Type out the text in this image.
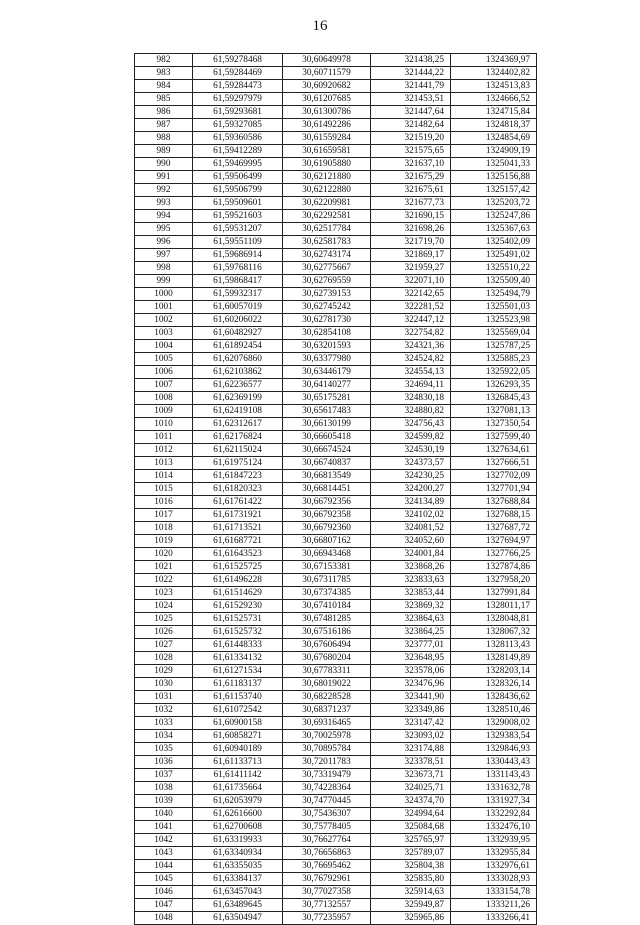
16
982	61,59278468	30,60649978	321438,25	1324369,97
983	61,59284469	30,60711579	321444,22	1324402,82
984	61,59284473	30,60920682	321441,79	1324513,83
985	61,59297979	30,61207685	321453,51	1324666,52
986	61,59293681	30,61300786	321447,64	1324715,84
987	61,59327085	30,61492286	321482,64	1324818,37
988	61,59360586	30,61559284	321519,20	1324854,69
989	61,59412289	30,61659581	321575,65	1324909,19
990	61,59469995	30,61905880	321637,10	1325041,33
991	61,59506499	30,62121880	321675,29	1325156,88
992	61,59506799	30,62122880	321675,61	1325157,42
993	61,59509601	30,62209981	321677,73	1325203,72
994	61,59521603	30,62292581	321690,15	1325247,86
995	61,59531207	30,62517784	321698,26	1325367,63
996	61,59551109	30,62581783	321719,70	1325402,09
997	61,59686914	30,62743174	321869,17	1325491,02
998	61,59768116	30,62775667	321959,27	1325510,22
999	61,59868417	30,62769559	322071,10	1325509,40
1000	61,59932317	30,62739153	322142,65	1325494,79
1001	61,60057019	30,62745242	322281,52	1325501,03
1002	61,60206022	30,62781730	322447,12	1325523,98
1003	61,60482927	30,62854108	322754,82	1325569,04
1004	61,61892454	30,63201593	324321,36	1325787,25
1005	61,62076860	30,63377980	324524,82	1325885,23
1006	61,62103862	30,63446179	324554,13	1325922,05
1007	61,62236577	30,64140277	324694,11	1326293,35
1008	61,62369199	30,65175281	324830,18	1326845,43
1009	61,62419108	30,65617483	324880,82	1327081,13
1010	61,62312617	30,66130199	324756,43	1327350,54
1011	61,62176824	30,66605418	324599,82	1327599,40
1012	61,62115024	30,66674524	324530,19	1327634,61
1013	61,61975124	30,66740837	324373,57	1327666,51
1014	61,61847223	30,66813549	324230,25	1327702,09
1015	61,61820323	30,66814451	324200,27	1327701,94
1016	61,61761422	30,66792356	324134,89	1327688,84
1017	61,61731921	30,66792358	324102,02	1327688,15
1018	61,61713521	30,66792360	324081,52	1327687,72
1019	61,61687721	30,66807162	324052,60	1327694,97
1020	61,61643523	30,66943468	324001,84	1327766,25
1021	61,61525725	30,67153381	323868,26	1327874,86
1022	61,61496228	30,67311785	323833,63	1327958,20
1023	61,61514629	30,67374385	323853,44	1327991,84
1024	61,61529230	30,67410184	323869,32	1328011,17
1025	61,61525731	30,67481285	323864,63	1328048,81
1026	61,61525732	30,67516186	323864,25	1328067,32
1027	61,61448333	30,67606494	323777,01	1328113,43
1028	61,61334132	30,67680204	323648,95	1328149,89
1029	61,61271534	30,67783311	323578,06	1328203,14
1030	61,61183137	30,68019022	323476,96	1328326,14
1031	61,61153740	30,68228528	323441,90	1328436,62
1032	61,61072542	30,68371237	323349,86	1328510,46
1033	61,60900158	30,69316465	323147,42	1329008,02
1034	61,60858271	30,70025978	323093,02	1329383,54
1035	61,60940189	30,70895784	323174,88	1329846,93
1036	61,61133713	30,72011783	323378,51	1330443,43
1037	61,61411142	30,73319479	323673,71	1331143,43
1038	61,61735664	30,74228364	324025,71	1331632,78
1039	61,62053979	30,74770445	324374,70	1331927,34
1040	61,62616600	30,75436307	324994,64	1332292,84
1041	61,62700608	30,75778405	325084,68	1332476,10
1042	61,63319933	30,76627764	325765,97	1332939,95
1043	61,63340934	30,76656863	325789,07	1332955,84
1044	61,63355035	30,76695462	325804,38	1332976,61
1045	61,63384137	30,76792961	325835,80	1333028,93
1046	61,63457043	30,77027358	325914,63	1333154,78
1047	61,63489645	30,77132557	325949,87	1333211,26
1048	61,63504947	30,77235957	325965,86	1333266,41
